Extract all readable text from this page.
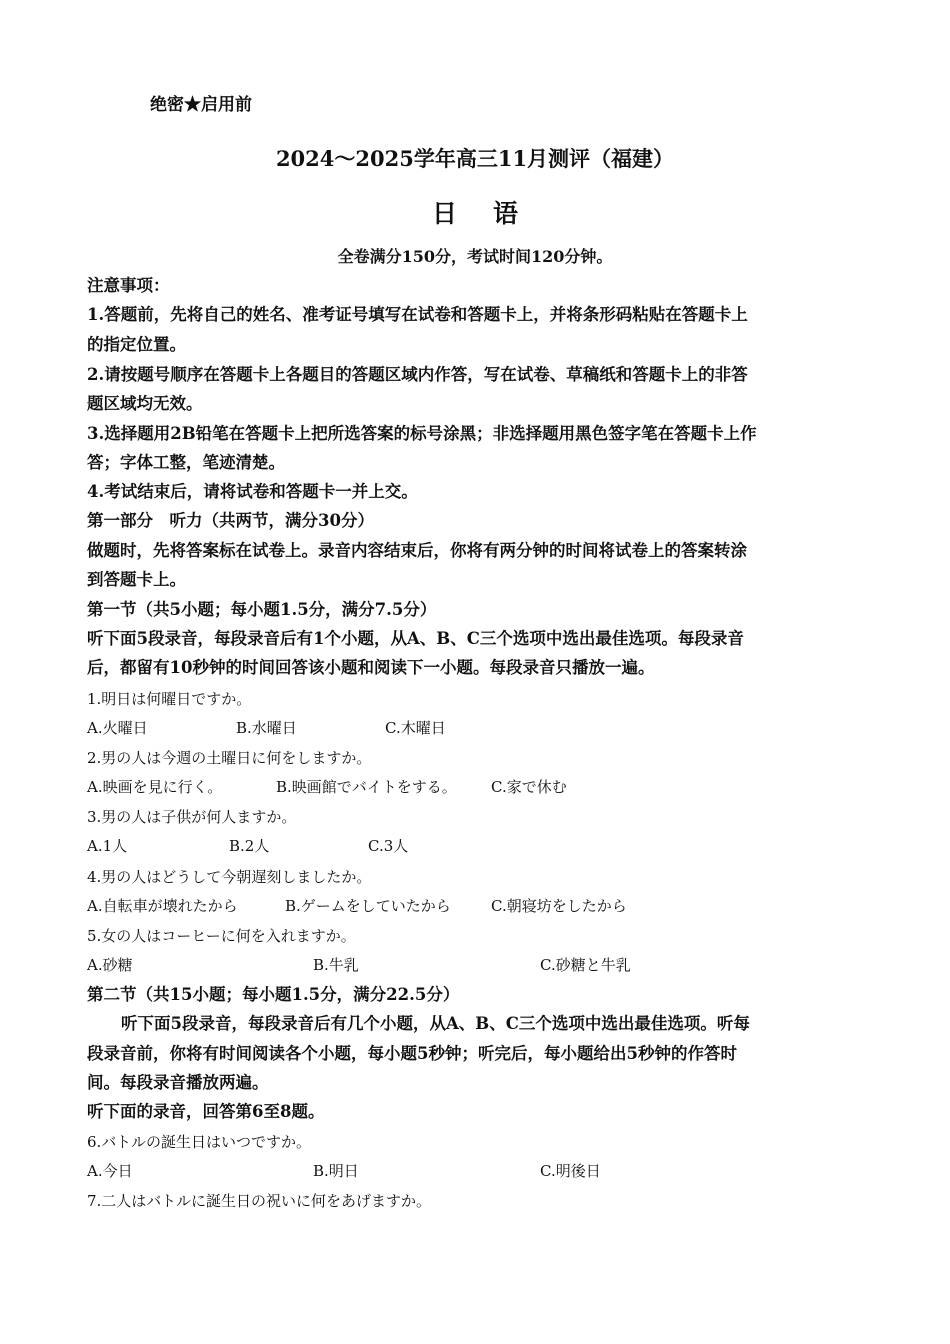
绝密★启用前
2024～2025学年高三11月测评（福建）
日语
全卷满分150分，考试时间120分钟。
注意事项：
1.答题前，先将自己的姓名、准考证号填写在试卷和答题卡上，并将条形码粘贴在答题卡上
的指定位置。
2.请按题号顺序在答题卡上各题目的答题区域内作答，写在试卷、草稿纸和答题卡上的非答
题区域均无效。
3.选择题用2B铅笔在答题卡上把所选答案的标号涂黑；非选择题用黑色签字笔在答题卡上作
答；字体工整，笔迹清楚。
4.考试结束后，请将试卷和答题卡一并上交。
第一部分　听力（共两节，满分30分）
做题时，先将答案标在试卷上。录音内容结束后，你将有两分钟的时间将试卷上的答案转涂
到答题卡上。
第一节（共5小题；每小题1.5分，满分7.5分）
听下面5段录音，每段录音后有1个小题，从A、B、C三个选项中选出最佳选项。每段录音
后，都留有10秒钟的时间回答该小题和阅读下一小题。每段录音只播放一遍。
1.明日は何曜日ですか。
A.火曜日	B.水曜日	C.木曜日
2.男の人は今週の土曜日に何をしますか。
A.映画を見に行く。	B.映画館でバイトをする。 C.家で休む
3.男の人は子供が何人ますか。
A.1人	B.2人	C.3人
4.男の人はどうして今朝遅刻しましたか。
A.自転車が壊れたから	B.ゲームをしていたから	C.朝寝坊をしたから
5.女の人はコーヒーに何を入れますか。
A.砂糖	B.牛乳	C.砂糖と牛乳
第二节（共15小题；每小题1.5分，满分22.5分）
听下面5段录音，每段录音后有几个小题，从A、B、C三个选项中选出最佳选项。听每
段录音前，你将有时间阅读各个小题，每小题5秒钟；听完后，每小题给出5秒钟的作答时
间。每段录音播放两遍。
听下面的录音，回答第6至8题。
6.バトルの誕生日はいつですか。
A.今日	B.明日	C.明後日
7.二人はバトルに誕生日の祝いに何をあげますか。
